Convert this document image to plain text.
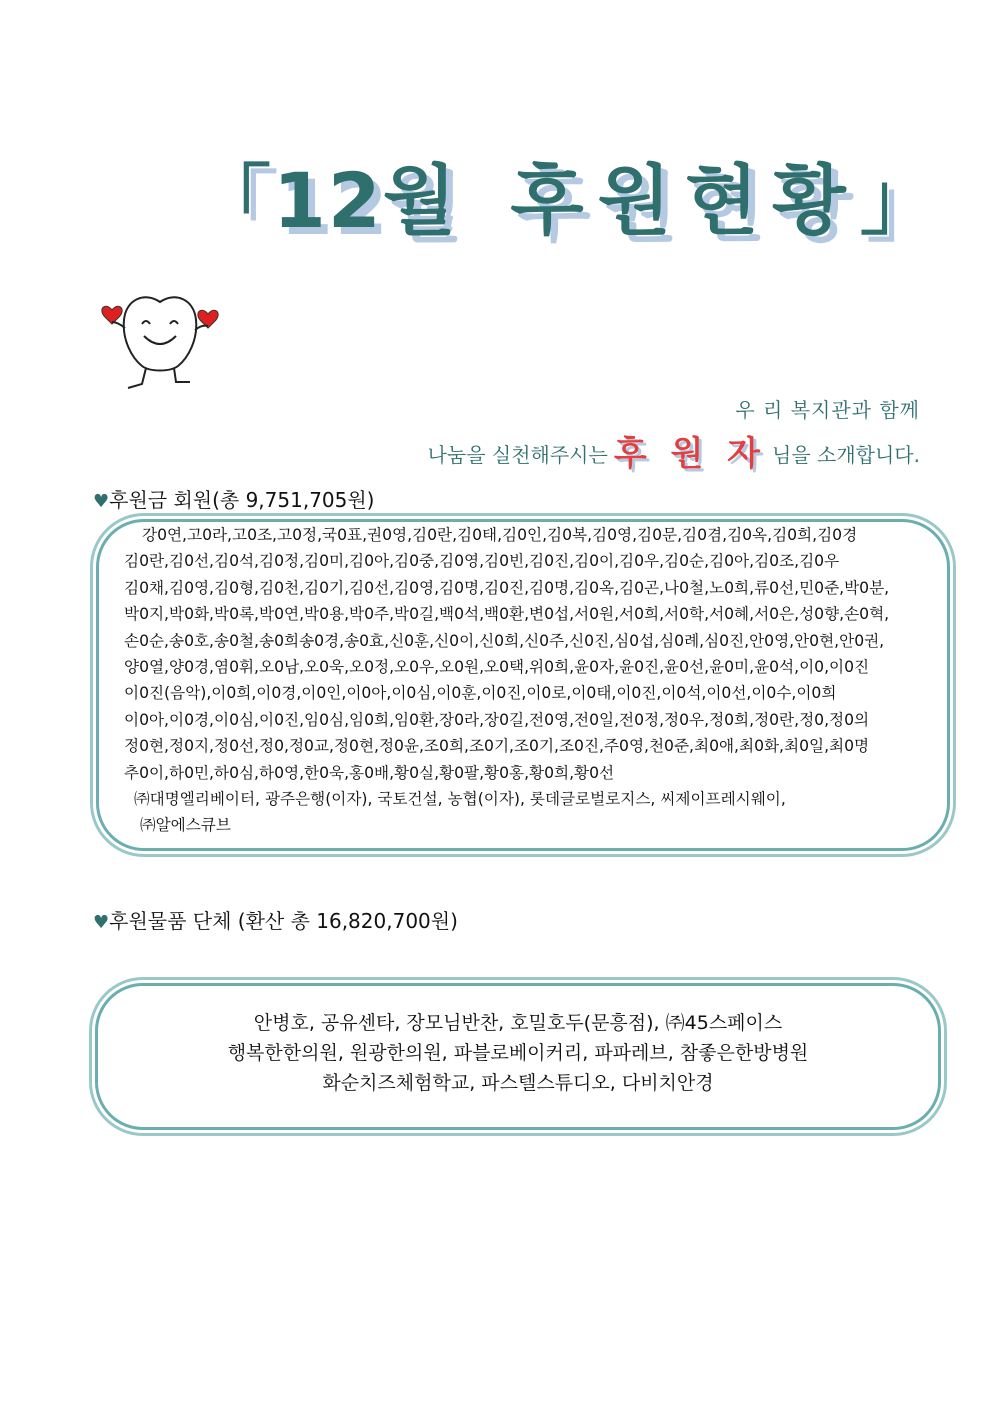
「12월 후원현황」
우 리 복지관과 함께
나눔을 실천해주시는 후 원 자 님을 소개합니다.
♥후원금 회원(총 9,751,705원)

강0연,고0라,고0조,고0정,국0표,권0영,김0란,김0태,김0인,김0복,김0영,김0문,김0겸,김0옥,김0희,김0경

김0란,김0선,김0석,김0정,김0미,김0아,김0중,김0영,김0빈,김0진,김0이,김0우,김0순,김0아,김0조,김0우

김0채,김0영,김0형,김0천,김0기,김0선,김0영,김0명,김0진,김0명,김0옥,김0곤,나0철,노0희,류0선,민0준,박0분,

박0지,박0화,박0록,박0연,박0용,박0주,박0길,백0석,백0환,변0섭,서0원,서0희,서0학,서0혜,서0은,성0향,손0혁,

손0순,송0호,송0철,송0희송0경,송0효,신0훈,신0이,신0희,신0주,신0진,심0섭,심0례,심0진,안0영,안0현,안0권,

양0열,양0경,염0휘,오0남,오0욱,오0정,오0우,오0원,오0택,위0희,윤0자,윤0진,윤0선,윤0미,윤0석,이0,이0진

이0진(음악),이0희,이0경,이0인,이0아,이0심,이0훈,이0진,이0로,이0태,이0진,이0석,이0선,이0수,이0희

이0아,이0경,이0심,이0진,임0심,임0희,임0환,장0라,장0길,전0영,전0일,전0정,정0우,정0희,정0란,정0,정0의

정0현,정0지,정0선,정0,정0교,정0현,정0윤,조0희,조0기,조0기,조0진,주0영,천0준,최0애,최0화,최0일,최0명

추0이,하0민,하0심,하0영,한0욱,홍0배,황0실,황0팔,황0홍,황0희,황0선

㈜대명엘리베이터, 광주은행(이자), 국토건설, 농협(이자), 롯데글로벌로지스, 씨제이프레시웨이,

㈜알에스큐브

♥후원물품 단체 (환산 총 16,820,700원)

안병호, 공유센타, 장모님반찬, 호밀호두(문흥점), ㈜45스페이스

행복한한의원, 원광한의원, 파블로베이커리, 파파레브, 참좋은한방병원

화순치즈체험학교, 파스텔스튜디오, 다비치안경
